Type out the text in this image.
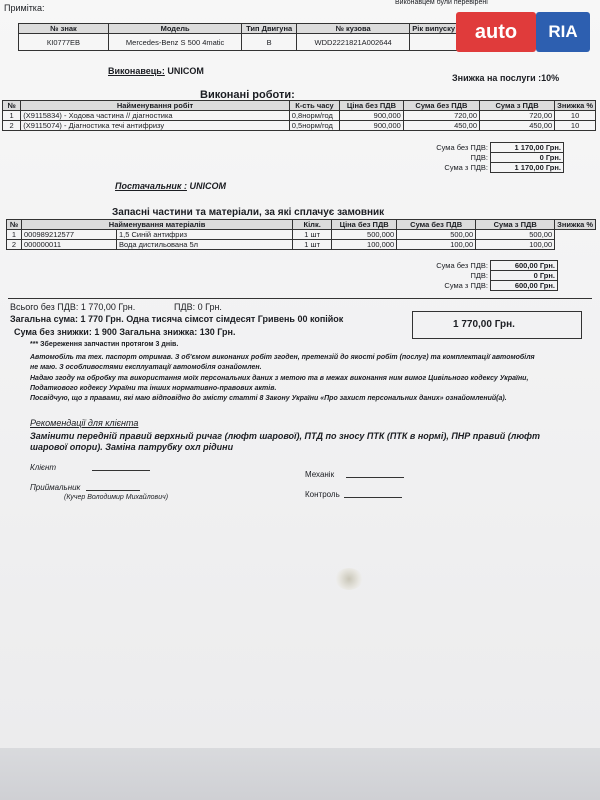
Примітка:
Виконавцем були перевірені
№ знак	Модель	Тип Двигуна	№ кузова	Рік випуску
КІ0777ЕВ	Mercedes-Benz S 500 4matic	B	WDD2221821A002644		auto	RIA
Виконавець: UNICOM
Знижка на послуги :10%
Виконані роботи:
№	Найменування робіт	К-сть часу	Ціна без ПДВ	Сума без ПДВ	Сума з ПДВ	Знижка %
1	(Х9115834) - Ходова частина // діагностика	0,8норм/год	900,000	720,00	720,00	10
2	(Х9115074) - Діагностика течі антифризу	0,5норм/год	900,000	450,00	450,00	10
Сума без ПДВ:	1 170,00 Грн.
ПДВ:	0 Грн.
Сума з ПДВ:	1 170,00 Грн.
Постачальник : UNICOM
Запасні частини та матеріали, за які сплачує замовник
№	Найменування матеріалів		Кілк.	Ціна без ПДВ	Сума без ПДВ	Сума з ПДВ	Знижка %
1	000989212577	1,5 Синій антифриз	1 шт	500,000	500,00	500,00	
2	000000011	Вода дистильована 5л	1 шт	100,000	100,00	100,00	
Сума без ПДВ:	600,00 Грн.
ПДВ:	0 Грн.
Сума з ПДВ:	600,00 Грн.
Всього без ПДВ: 1 770,00 Грн.	ПДВ: 0 Грн.
Загальна сума: 1 770 Грн. Одна тисяча сімсот сімдесят Гривень 00 копійок
Сума без знижки: 1 900 Загальна знижка: 130 Грн.
1 770,00 Грн.
*** Збереження запчастин протягом 3 днів.
Автомобіль та тех. паспорт отримав. З об'ємом виконаних робіт згоден, претензій до якості робіт (послуг) та комплектації автомобіля
не маю. З особливостями експлуатації автомобіля ознайомлен.
Надаю згоду на обробку та використання моїх персональних даних з метою та в межах виконання ним вимог Цивільного кодексу України,
Податкового кодексу України та інших нормативно-правових актів.
Посвідчую, що з правами, які маю відповідно до змісту статті 8 Закону України «Про захист персональних даних» ознайомлений(а).
Рекомендації для клієнта
Замінити передній правий верхный ричаг (люфт шарової), ПТД по зносу ПТК (ПТК в нормі), ПНР правий (люфт
шарової опори). Заміна патрубку охл рідини
Клієнт
Механік
Приймальник
(Кучер Володимир Михайлович)	Контроль
